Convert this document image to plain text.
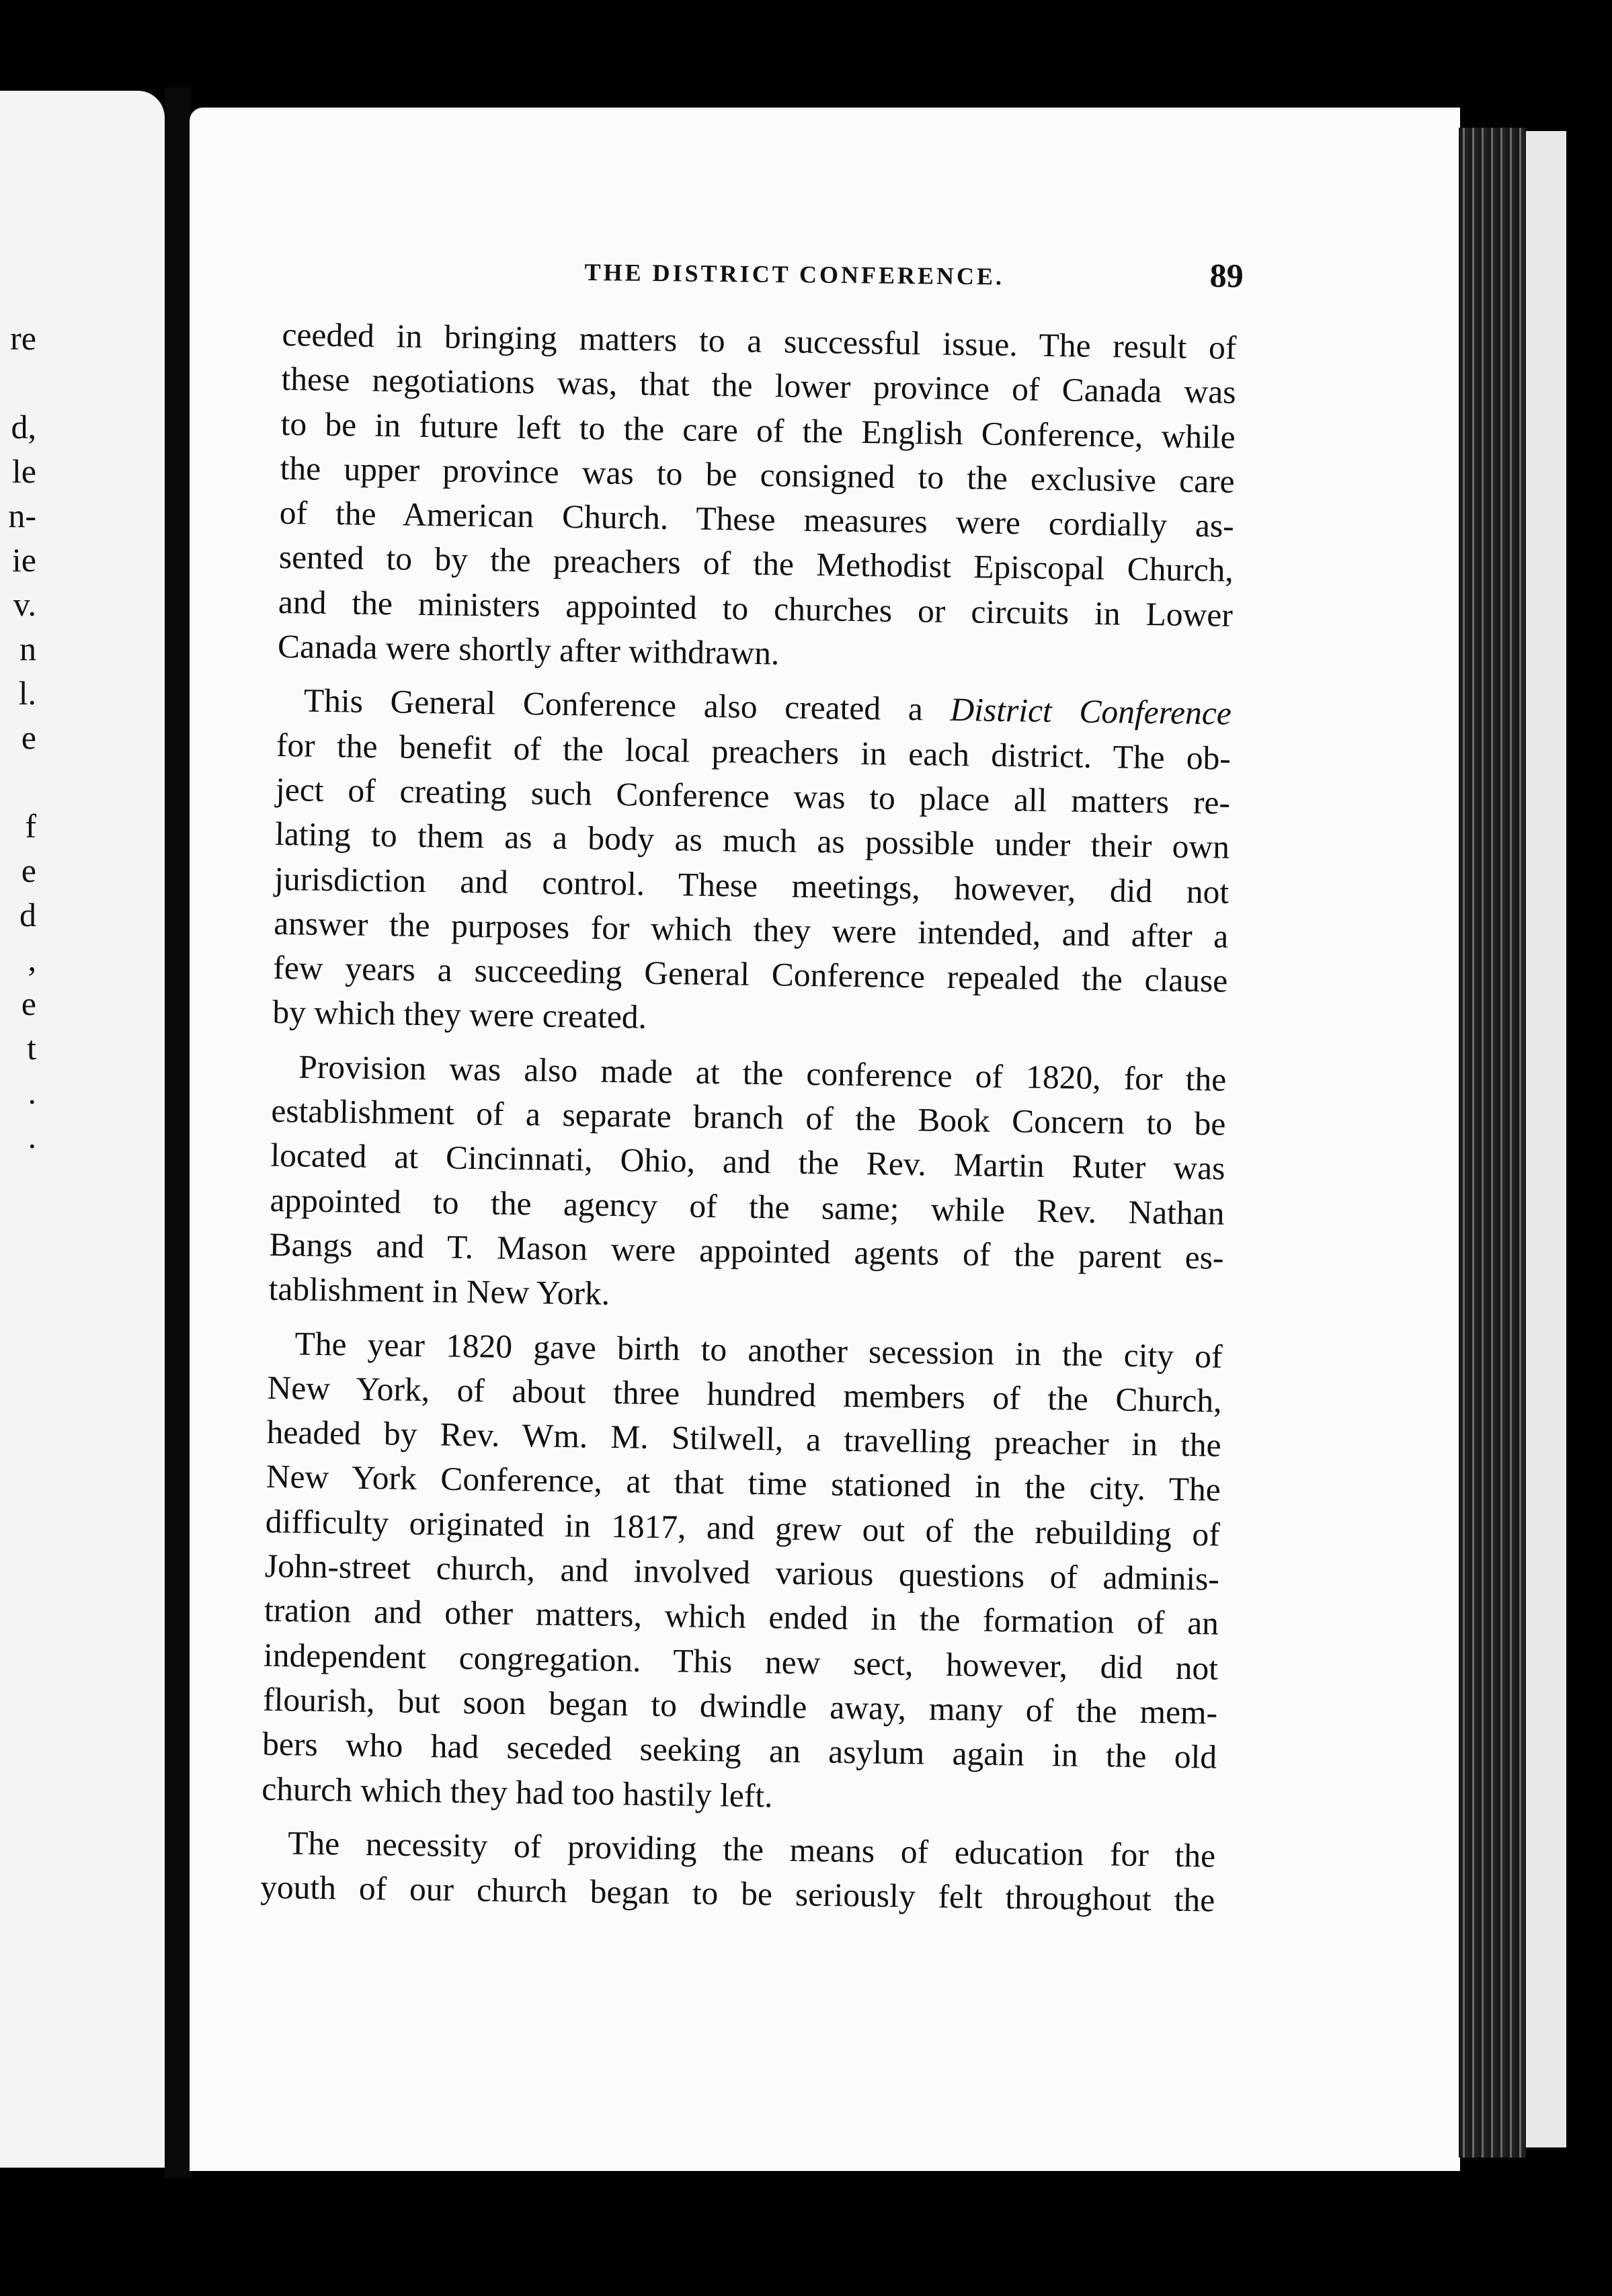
re
d,
le
n-
ie
v.
n
l.
e
f
e
d
,
e
t
.
.
THE DISTRICT CONFERENCE.	89
ceeded in bringing matters to a successful issue. The result of
these negotiations was, that the lower province of Canada was
to be in future left to the care of the English Conference, while
the upper province was to be consigned to the exclusive care
of the American Church. These measures were cordially as-
sented to by the preachers of the Methodist Episcopal Church,
and the ministers appointed to churches or circuits in Lower
Canada were shortly after withdrawn.
This General Conference also created a District Conference
for the benefit of the local preachers in each district. The ob-
ject of creating such Conference was to place all matters re-
lating to them as a body as much as possible under their own
jurisdiction and control. These meetings, however, did not
answer the purposes for which they were intended, and after a
few years a succeeding General Conference repealed the clause
by which they were created.
Provision was also made at the conference of 1820, for the
establishment of a separate branch of the Book Concern to be
located at Cincinnati, Ohio, and the Rev. Martin Ruter was
appointed to the agency of the same; while Rev. Nathan
Bangs and T. Mason were appointed agents of the parent es-
tablishment in New York.
The year 1820 gave birth to another secession in the city of
New York, of about three hundred members of the Church,
headed by Rev. Wm. M. Stilwell, a travelling preacher in the
New York Conference, at that time stationed in the city. The
difficulty originated in 1817, and grew out of the rebuilding of
John-street church, and involved various questions of adminis-
tration and other matters, which ended in the formation of an
independent congregation. This new sect, however, did not
flourish, but soon began to dwindle away, many of the mem-
bers who had seceded seeking an asylum again in the old
church which they had too hastily left.
The necessity of providing the means of education for the
youth of our church began to be seriously felt throughout the
